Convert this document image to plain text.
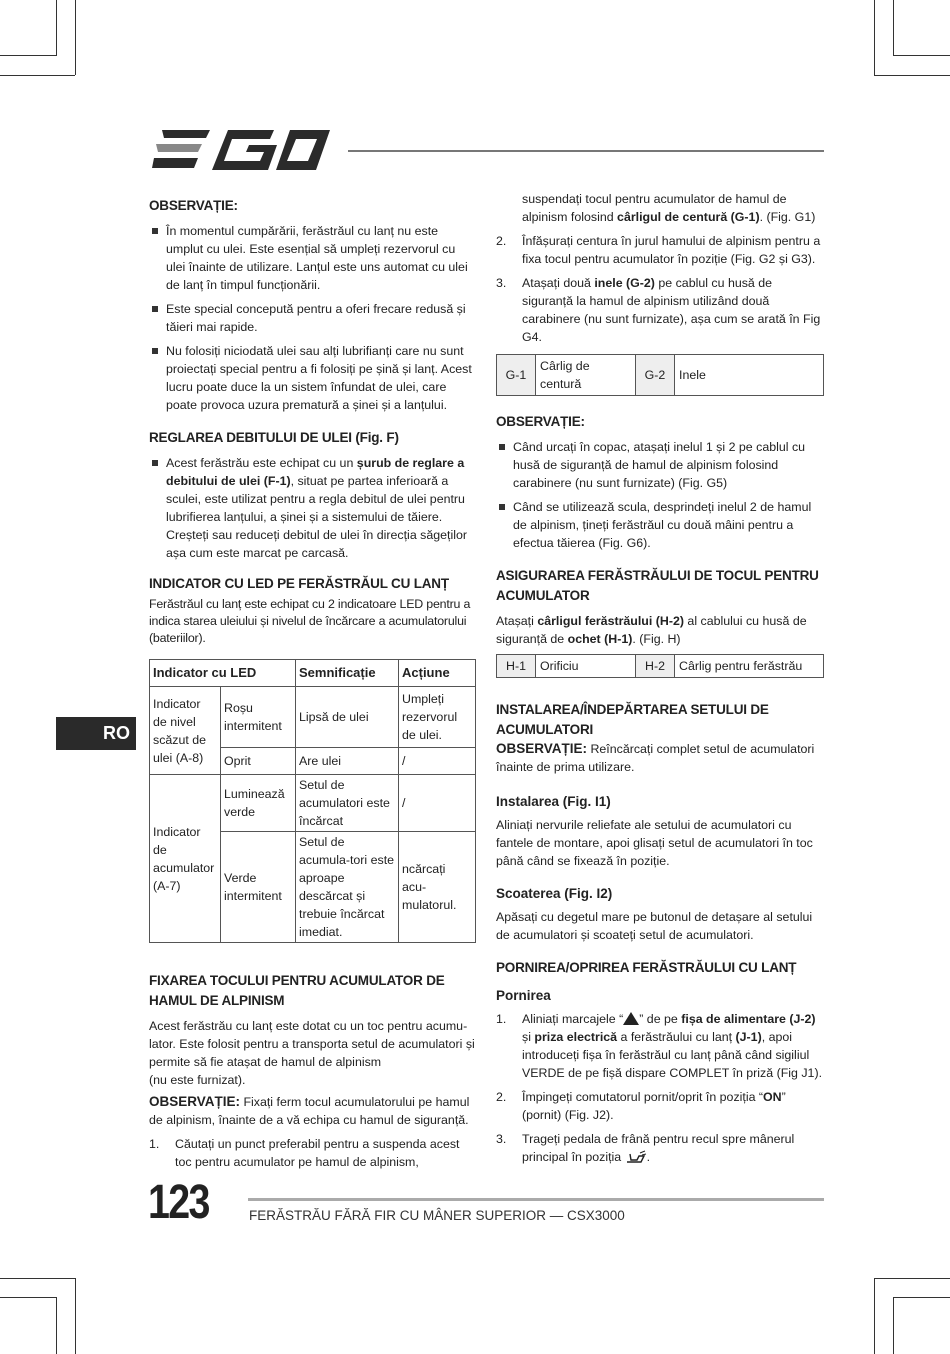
RO
OBSERVAȚIE:
În momentul cumpărării, ferăstrăul cu lanț nu este umplut cu ulei. Este esențial să umpleți rezervorul cu ulei înainte de utilizare. Lanțul este uns automat cu ulei de lanț în timpul funcționării.
Este special concepută pentru a oferi frecare redusă și tăieri mai rapide.
Nu folosiți niciodată ulei sau alți lubrifianți care nu sunt proiectați special pentru a fi folosiți pe șină și lanț. Acest lucru poate duce la un sistem înfundat de ulei, care poate provoca uzura prematură a șinei și a lanțului.
REGLAREA DEBITULUI DE ULEI (Fig. F)
Acest ferăstrău este echipat cu un șurub de reglare a debitului de ulei (F-1), situat pe partea inferioară a sculei, este utilizat pentru a regla debitul de ulei pentru lubrifierea lanțului, a șinei și a sistemului de tăiere. Creșteți sau reduceți debitul de ulei în direcția săgeților așa cum este marcat pe carcasă.
INDICATOR CU LED PE FERĂSTRĂUL CU LANȚ

Ferăstrăul cu lanț este echipat cu 2 indicatoare LED pentru a indica starea uleiului și nivelul de încărcare a acumulatorului (bateriilor).

Indicator cu LED		Semnificație	Acțiune
Indicator de nivel scăzut de ulei (A-8)	Roșu intermitent	Lipsă de ulei	Umpleți rezervorul de ulei.
	Oprit	Are ulei	/
Indicator de acumulator (A-7)	Luminează verde	Setul de acumulatori este încărcat	/
	Verde intermitent	Setul de acumula-tori este aproape descărcat și trebuie încărcat imediat.	ncărcați acu-mulatorul.
FIXAREA TOCULUI PENTRU ACUMULATOR DE HAMUL DE ALPINISM

Acest ferăstrău cu lanț este dotat cu un toc pentru acumu-lator. Este folosit pentru a transporta setul de acumulatori și permite să fie atașat de hamul de alpinism
(nu este furnizat).

OBSERVAȚIE: Fixați ferm tocul acumulatorului pe hamul de alpinism, înainte de a vă echipa cu hamul de siguranță.

1. Căutați un punct preferabil pentru a suspenda acest toc pentru acumulator pe hamul de alpinism,
suspendați tocul pentru acumulator de hamul de alpinism folosind cârligul de centură (G-1). (Fig. G1)
2. Înfășurați centura în jurul hamului de alpinism pentru a fixa tocul pentru acumulator în poziție (Fig. G2 și G3).
3. Atașați două inele (G-2) pe cablul cu husă de siguranță la hamul de alpinism utilizând două carabinere (nu sunt furnizate), așa cum se arată în Fig G4.
G-1	Cârlig de centură	G-2	Inele
OBSERVAȚIE:
Când urcați în copac, atașați inelul 1 și 2 pe cablul cu husă de siguranță de hamul de alpinism folosind carabinere (nu sunt furnizate) (Fig. G5)
Când se utilizează scula, desprindeți inelul 2 de hamul de alpinism, țineți ferăstrăul cu două mâini pentru a efectua tăierea (Fig. G6).
ASIGURAREA FERĂSTRĂULUI DE TOCUL PENTRU ACUMULATOR

Atașați cârligul ferăstrăului (H-2) al cablului cu husă de siguranță de ochet (H-1). (Fig. H)

H-1	Orificiu	H-2	Cârlig pentru ferăstrău
INSTALAREA/ÎNDEPĂRTAREA SETULUI DE ACUMULATORI

OBSERVAȚIE: Reîncărcați complet setul de acumulatori înainte de prima utilizare.

Instalarea (Fig. I1)

Aliniați nervurile reliefate ale setului de acumulatori cu fantele de montare, apoi glisați setul de acumulatori în toc până când se fixează în poziție.

Scoaterea (Fig. I2)

Apăsați cu degetul mare pe butonul de detașare al setului de acumulatori și scoateți setul de acumulatori.

PORNIREA/OPRIREA FERĂSTRĂULUI CU LANȚ
Pornirea
1. Aliniați marcajele “ ” de pe fișa de alimentare (J-2) și priza electrică a ferăstrăului cu lanț (J-1), apoi introduceți fișa în ferăstrăul cu lanț până când sigiliul VERDE de pe fișă dispare COMPLET în priză (Fig J1).
2. Împingeți comutatorul pornit/oprit în poziția “ON” (pornit) (Fig. J2).
3. Trageți pedala de frână pentru recul spre mânerul principal în poziția .
123	FERĂSTRĂU FĂRĂ FIR CU MÂNER SUPERIOR — CSX3000
